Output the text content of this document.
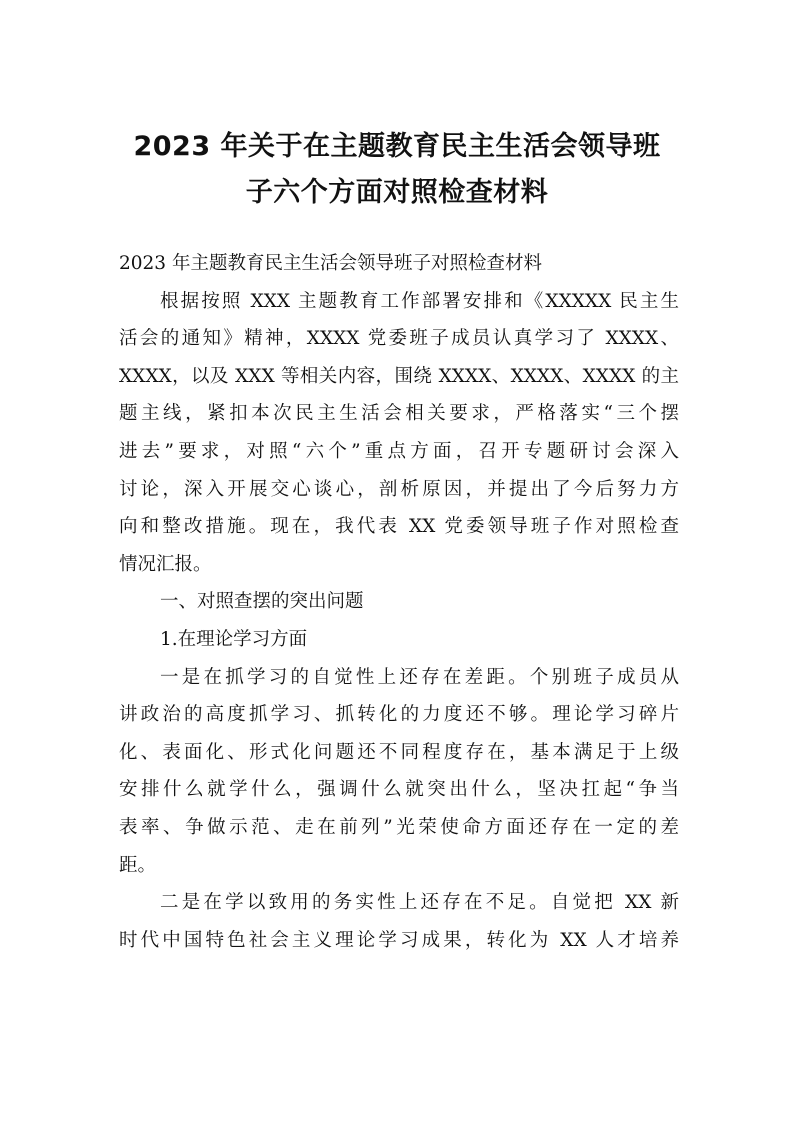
2023 年关于在主题教育民主生活会领导班
子六个方面对照检查材料
2023 年主题教育民主生活会领导班子对照检查材料
根据按照 XXX 主题教育工作部署安排和《XXXXX 民主生
活会的通知》精神，XXXX 党委班子成员认真学习了 XXXX、
XXXX，以及 XXX 等相关内容，围绕 XXXX、XXXX、XXXX 的主
题主线，紧扣本次民主生活会相关要求，严格落实“三个摆
进去”要求，对照“六个”重点方面，召开专题研讨会深入
讨论，深入开展交心谈心，剖析原因，并提出了今后努力方
向和整改措施。现在，我代表 XX 党委领导班子作对照检查
情况汇报。
一、对照查摆的突出问题
1.在理论学习方面
一是在抓学习的自觉性上还存在差距。个别班子成员从
讲政治的高度抓学习、抓转化的力度还不够。理论学习碎片
化、表面化、形式化问题还不同程度存在，基本满足于上级
安排什么就学什么，强调什么就突出什么，坚决扛起“争当
表率、争做示范、走在前列”光荣使命方面还存在一定的差
距。
二是在学以致用的务实性上还存在不足。自觉把 XX 新
时代中国特色社会主义理论学习成果，转化为 XX 人才培养
